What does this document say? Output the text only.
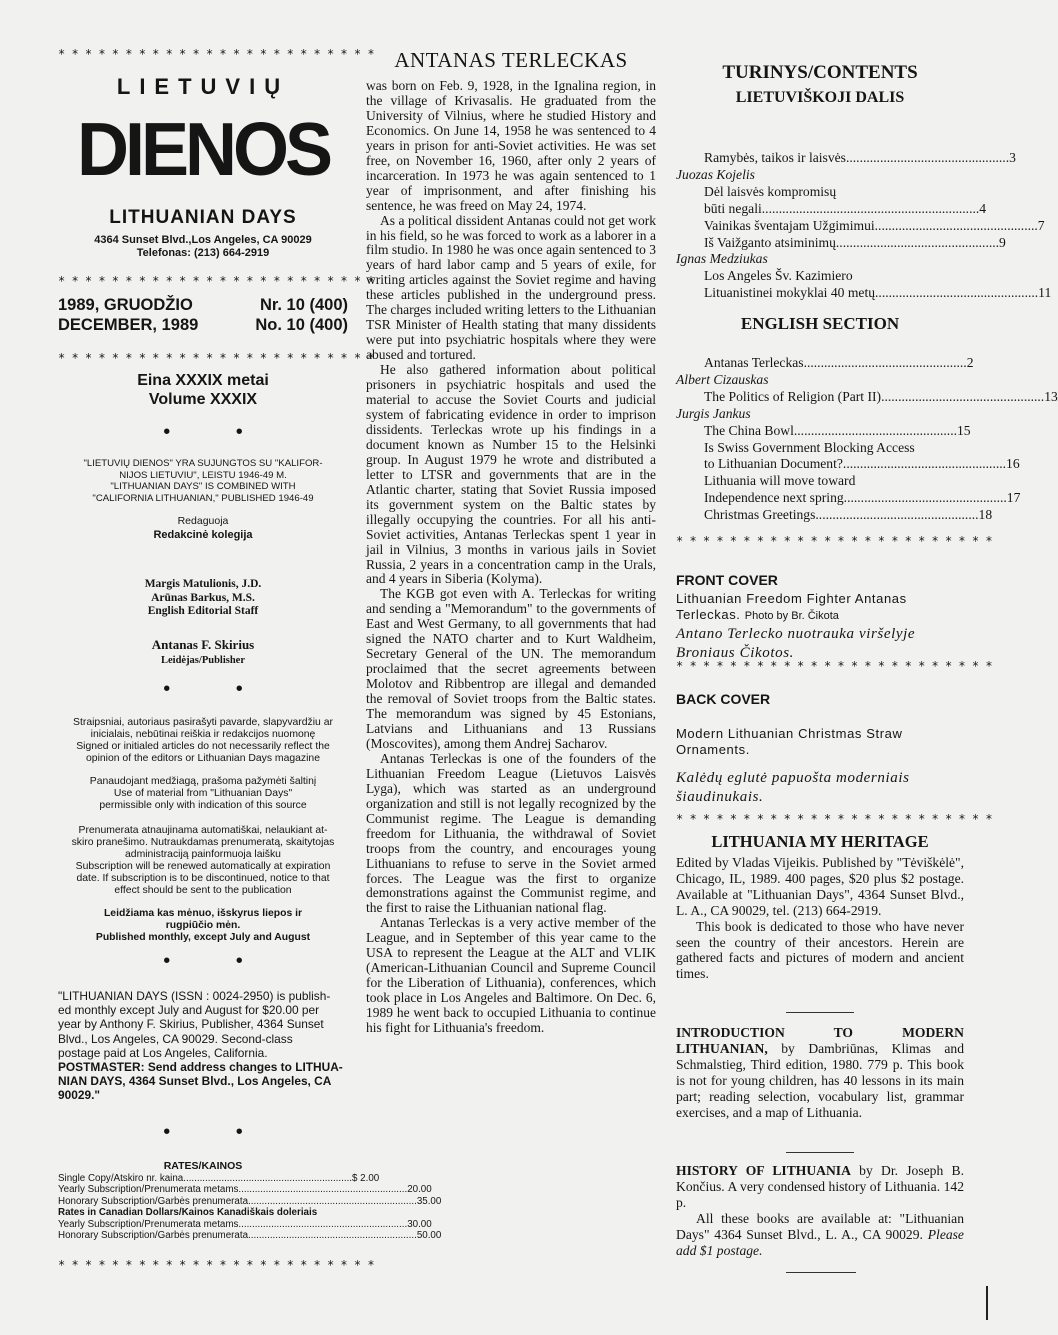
* * * * * * * * * * * * * * * * * * * * * * * *
LIETUVIŲ
DIENOS
LITHUANIAN DAYS
4364 Sunset Blvd.,Los Angeles, CA 90029
Telefonas: (213) 664-2919
* * * * * * * * * * * * * * * * * * * * * * * *
1989, GRUODŽIO	Nr. 10 (400)
DECEMBER, 1989	No. 10 (400)
* * * * * * * * * * * * * * * * * * * * * * * *
Eina XXXIX metai
Volume XXXIX
• •
"LIETUVIŲ DIENOS" YRA SUJUNGTOS SU "KALIFOR-
NIJOS LIETUVIU", LEISTU 1946-49 M.
"LITHUANIAN DAYS" IS COMBINED WITH
"CALIFORNIA LITHUANIAN," PUBLISHED 1946-49
Redaguoja
Redakcinė kolegija
Margis Matulionis, J.D.
Arūnas Barkus, M.S.
English Editorial Staff
Antanas F. Skirius
Leidėjas/Publisher
• •
Straipsniai, autoriaus pasirašyti pavarde, slapyvardžiu ar
inicialais, nebūtinai reiškia ir redakcijos nuomonę
Signed or initialed articles do not necessarily reflect the
opinion of the editors or Lithuanian Days magazine
Panaudojant medžiagą, prašoma pažymėti šaltinį
Use of material from "Lithuanian Days"
permissible only with indication of this source
Prenumerata atnaujinama automatiškai, nelaukiant at-
skiro pranešimo. Nutraukdamas prenumeratą, skaitytojas
administraciją painformuoja laišku
Subscription will be renewed automatically at expiration
date. If subscription is to be discontinued, notice to that
effect should be sent to the publication
Leidžiama kas mėnuo, išskyrus liepos ir
rugpiūčio mėn.
Published monthly, except July and August
• •
"LITHUANIAN DAYS (ISSN : 0024-2950) is publish-
ed monthly except July and August for $20.00 per
year by Anthony F. Skirius, Publisher, 4364 Sunset
Blvd., Los Angeles, CA 90029. Second-class
postage paid at Los Angeles, California.
POSTMASTER: Send address changes to LITHUA-
NIAN DAYS, 4364 Sunset Blvd., Los Angeles, CA
90029."
• •
RATES/KAINOS
Single Copy/Atskiro nr. kaina .............................................................. $ 2.00
Yearly Subscription/Prenumerata metams .............................................................. 20.00
Honorary Subscription/Garbės prenumerata .............................................................. 35.00
Rates in Canadian Dollars/Kainos Kanadiškais doleriais
Yearly Subscription/Prenumerata metams .............................................................. 30.00
Honorary Subscription/Garbės prenumerata .............................................................. 50.00
* * * * * * * * * * * * * * * * * * * * * * * *
ANTANAS TERLECKAS

was born on Feb. 9, 1928, in the Ignalina region, in the village of Krivasalis. He graduated from the University of Vilnius, where he studied History and Economics. On June 14, 1958 he was sentenced to 4 years in prison for anti-Soviet activities. He was set free, on November 16, 1960, after only 2 years of incarceration. In 1973 he was again sentenced to 1 year of imprisonment, and after finishing his sentence, he was freed on May 24, 1974.

As a political dissident Antanas could not get work in his field, so he was forced to work as a laborer in a film studio. In 1980 he was once again sentenced to 3 years of hard labor camp and 5 years of exile, for writing articles against the Soviet regime and having these articles published in the underground press. The charges included writing letters to the Lithuanian TSR Minister of Health stating that many dissidents were put into psychiatric hospitals where they were abused and tortured.

He also gathered information about political prisoners in psychiatric hospitals and used the material to accuse the Soviet Courts and judicial system of fabricating evidence in order to imprison dissidents. Terleckas wrote up his findings in a document known as Number 15 to the Helsinki group. In August 1979 he wrote and distributed a letter to LTSR and governments that are in the Atlantic charter, stating that Soviet Russia imposed its government system on the Baltic states by illegally occupying the countries. For all his anti-Soviet activities, Antanas Terleckas spent 1 year in jail in Vilnius, 3 months in various jails in Soviet Russia, 2 years in a concentration camp in the Urals, and 4 years in Siberia (Kolyma).

The KGB got even with A. Terleckas for writing and sending a "Memorandum" to the governments of East and West Germany, to all governments that had signed the NATO charter and to Kurt Waldheim, Secretary General of the UN. The memorandum proclaimed that the secret agreements between Molotov and Ribbentrop are illegal and demanded the removal of Soviet troops from the Baltic states. The memorandum was signed by 45 Estonians, Latvians and Lithuanians and 13 Russians (Moscovites), among them Andrej Sacharov.

Antanas Terleckas is one of the founders of the Lithuanian Freedom League (Lietuvos Laisvės Lyga), which was started as an underground organization and still is not legally recognized by the Communist regime. The League is demanding freedom for Lithuania, the withdrawal of Soviet troops from the country, and encourages young Lithuanians to refuse to serve in the Soviet armed forces. The League was the first to organize demonstrations against the Communist regime, and the first to raise the Lithuanian national flag.

Antanas Terleckas is a very active member of the League, and in September of this year came to the USA to represent the League at the ALT and VLIK (American-Lithuanian Council and Supreme Council for the Liberation of Lithuania), conferences, which took place in Los Angeles and Baltimore. On Dec. 6, 1989 he went back to occupied Lithuania to continue his fight for Lithuania's freedom.

TURINYS/CONTENTS
LIETUVIŠKOJI DALIS
Ramybės, taikos ir laisvės ................................................ 3
Juozas Kojelis
Dėl laisvės kompromisų
būti negali ................................................................ 4
Vainikas šventajam Užgimimui ................................................ 7
Iš Vaižganto atsiminimų ................................................ 9
Ignas Medziukas
Los Angeles Šv. Kazimiero
Lituanistinei mokyklai 40 metų ................................................ 11
ENGLISH SECTION
Antanas Terleckas ................................................ 2
Albert Cizauskas
The Politics of Religion (Part II) ................................................ 13
Jurgis Jankus
The China Bowl ................................................ 15
Is Swiss Government Blocking Access
to Lithuanian Document? ................................................ 16
Lithuania will move toward
Independence next spring ................................................ 17
Christmas Greetings ................................................ 18
* * * * * * * * * * * * * * * * * * * * * * * *
FRONT COVER
Lithuanian Freedom Fighter Antanas Terleckas. Photo by Br. Čikota
Antano Terlecko nuotrauka viršelyje Broniaus Čikotos.
* * * * * * * * * * * * * * * * * * * * * * * *
BACK COVER
Modern Lithuanian Christmas Straw Ornaments.
Kalėdų eglutė papuošta moderniais šiaudinukais.
* * * * * * * * * * * * * * * * * * * * * * * *
LITHUANIA MY HERITAGE

Edited by Vladas Vijeikis. Published by "Tėviškėlė", Chicago, IL, 1989. 400 pages, $20 plus $2 postage. Available at "Lithuanian Days", 4364 Sunset Blvd., L. A., CA 90029, tel. (213) 664-2919.

This book is dedicated to those who have never seen the country of their ancestors. Herein are gathered facts and pictures of modern and ancient times.

INTRODUCTION TO MODERN LITHUANIAN, by Dambriūnas, Klimas and Schmalstieg, Third edition, 1980. 779 p. This book is not for young children, has 40 lessons in its main part; reading selection, vocabulary list, grammar exercises, and a map of Lithuania.

HISTORY OF LITHUANIA by Dr. Joseph B. Končius. A very condensed history of Lithuania. 142 p.

All these books are available at: "Lithuanian Days" 4364 Sunset Blvd., L. A., CA 90029. Please add $1 postage.
